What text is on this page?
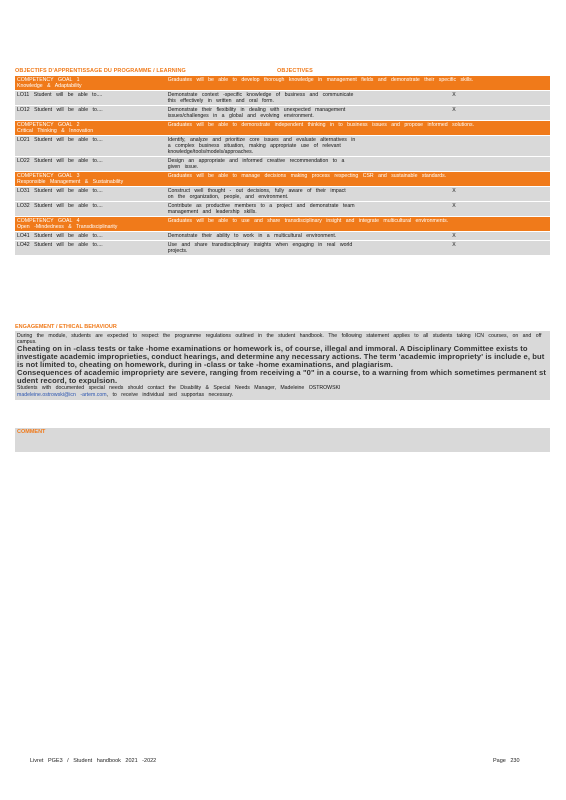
OBJECTIFS D'APPRENTISSAGE DU PROGRAMME / LEARNING	OBJECTIVES
COMPETENCY GOAL 1
Knowledge & Adaptability	Graduates will be able to develop thorough knowledge in management fields and demonstrate their specific skills.	
LO11 Student will be able to....	Demonstrate context -specific knowledge of business and communicate this effectively in written and oral form.	X
LO12 Student will be able to....	Demonstrate their flexibility in dealing with unexpected management issues/challenges in a global and evolving environment.	X

COMPETENCY GOAL 2
Critical Thinking & Innovation	Graduates will be able to demonstrate independent thinking in to business issues and propose informed solutions.	
LO21 Student will be able to....	Identify, analyze and prioritize core issues and evaluate alternatives in a complex business situation, making appropriate use of relevant knowledge/tools/models/approaches.	
LO22 Student will be able to....	Design an appropriate and informed creative recommendation to a given issue.	

COMPETENCY GOAL 3
Responsible Management & Sustainability	Graduates will be able to manage decisions making process respecting CSR and sustainable standards.	
LO31 Student will be able to....	Construct well thought - out decisions, fully aware of their impact on the organization, people, and environment.	X
LO32 Student will be able to....	Contribute as productive members to a project and demonstrate team management and leadership skills.	X

COMPETENCY GOAL 4
Open -Mindedness & Transdisciplinarity	Graduates will be able to use and share transdisciplinary insight and integrate multicultural environments.	
LO41 Student will be able to....	Demonstrate their ability to work in a multicultural environment.	X
LO42 Student will be able to....	Use and share transdisciplinary insights when engaging in real world projects.	X
ENGAGEMENT / ETHICAL BEHAVIOUR

During the module, students are expected to respect the programme regulations outlined in the student handbook. The following statement applies to all students taking ICN courses, on and off campus.

Cheating on in -class tests or take -home examinations or homework is, of course, illegal and immoral. A Disciplinary Committee exists to investigate academic improprieties, conduct hearings, and determine any necessary actions. The term 'academic impropriety' is include e, but is not limited to, cheating on homework, during in -class or take -home examinations, and plagiarism.

Consequences of academic impropriety are severe, ranging from receiving a "0" in a course, to a warning from which sometimes permanent st udent record, to expulsion.

Students with documented special needs should contact the Disability & Special Needs Manager, Madeleine OSTROWSKI
madeleine.ostrowski@icn -artem.com, to receive individual sed supportas necessary.

COMMENT
Livret PGE3 / Student handbook 2021 -2022	Page 230
